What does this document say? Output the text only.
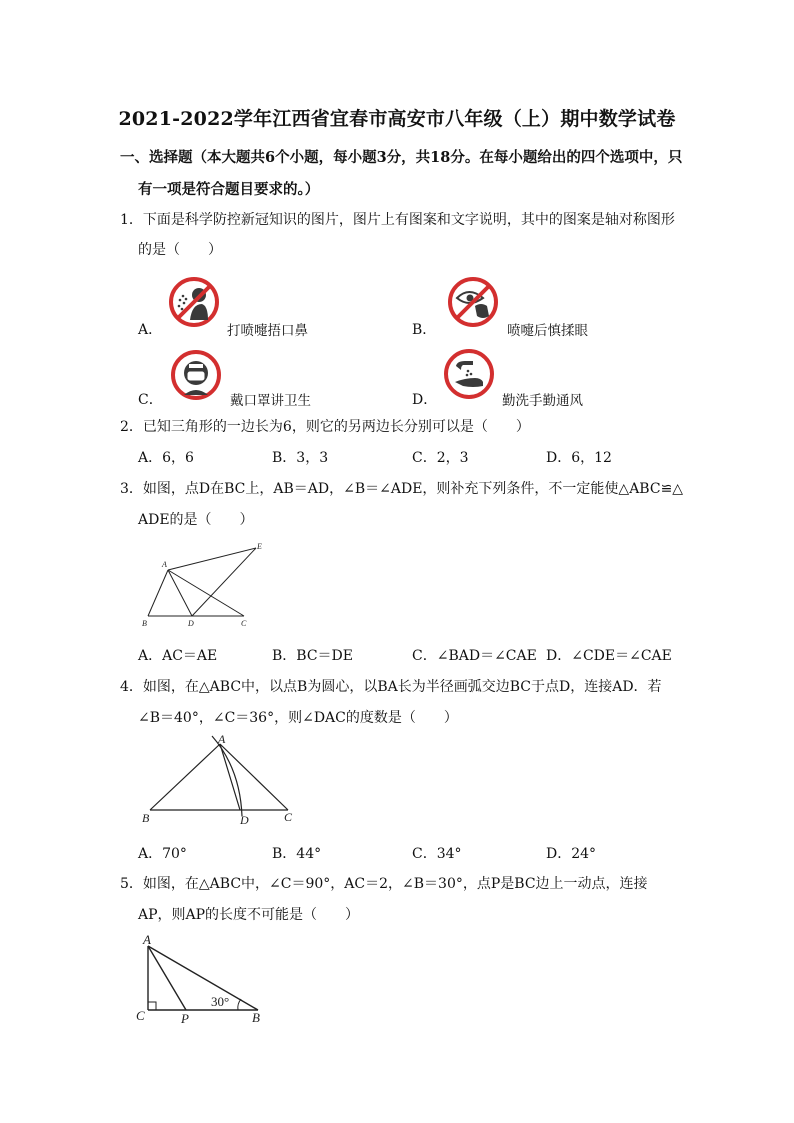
2021-2022学年江西省宜春市高安市八年级（上）期中数学试卷
一、选择题（本大题共6个小题，每小题3分，共18分。在每小题给出的四个选项中，只
有一项是符合题目要求的。）
1．下面是科学防控新冠知识的图片，图片上有图案和文字说明，其中的图案是轴对称图形
的是（　　）
A．	打喷嚏捂口鼻	B．	喷嚏后慎揉眼
C．	戴口罩讲卫生	D．	勤洗手勤通风
2．已知三角形的一边长为6，则它的另两边长分别可以是（　　）
A．6，6	B．3，3	C．2，3	D．6，12
3．如图，点D在BC上，AB＝AD，∠B＝∠ADE，则补充下列条件，不一定能使△ABC≌△
ADE的是（　　）
A
B	D	C
E
A．AC＝AE	B．BC＝DE	C．∠BAD＝∠CAE D．∠CDE＝∠CAE
4．如图，在△ABC中，以点B为圆心，以BA长为半径画弧交边BC于点D，连接AD．若
∠B＝40°，∠C＝36°，则∠DAC的度数是（　　）
A
B	D	C
A．70°	B．44°	C．34°	D．24°
5．如图，在△ABC中，∠C＝90°，AC＝2，∠B＝30°，点P是BC边上一动点，连接
AP，则AP的长度不可能是（　　）
A
C	P	B
30°
